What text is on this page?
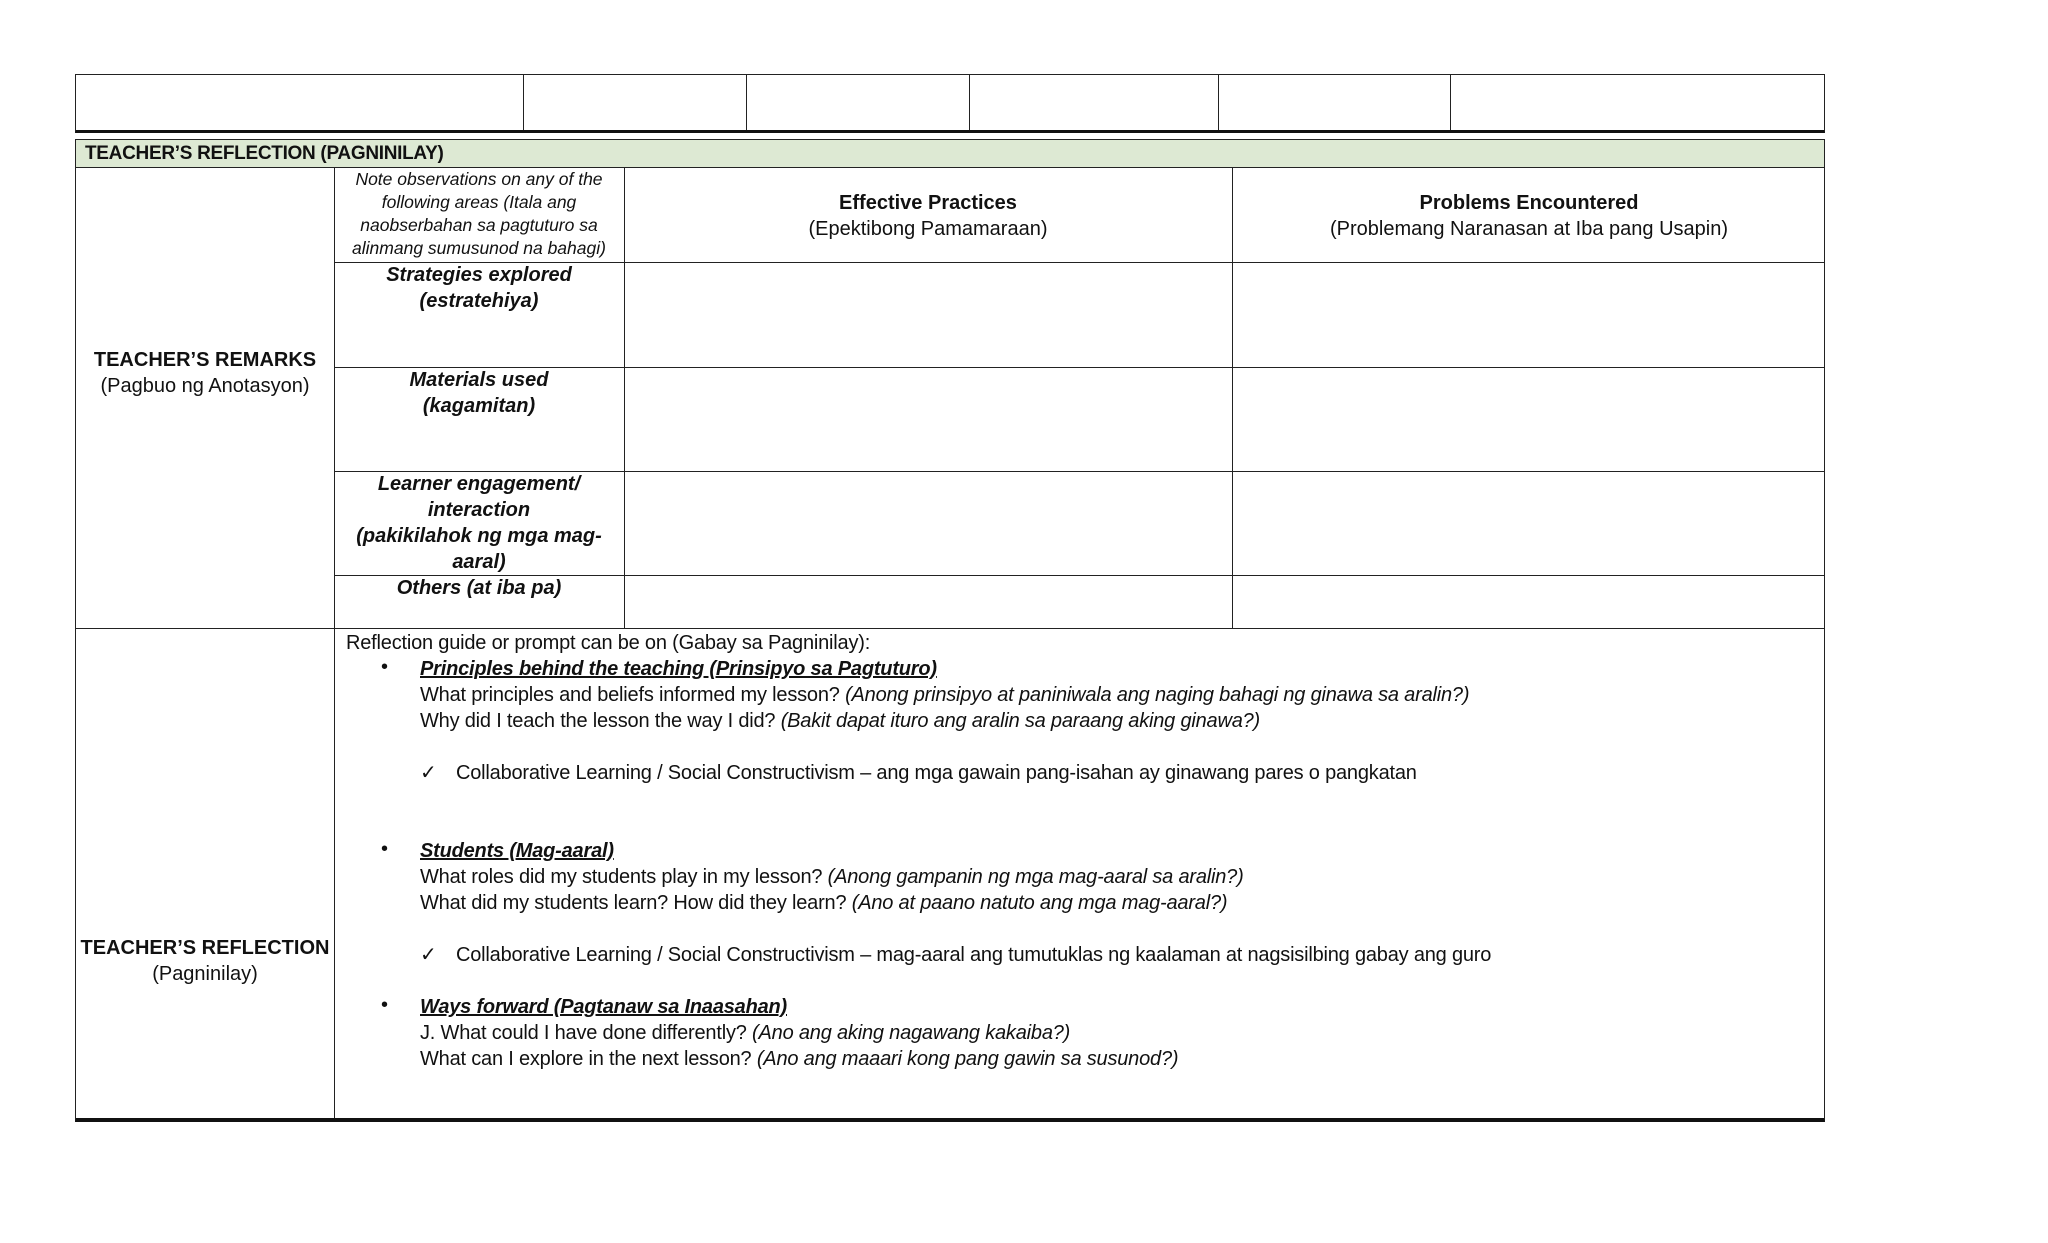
TEACHER’S REFLECTION (PAGNINILAY)
TEACHER’S REMARKS
(Pagbuo ng Anotasyon)
Note observations on any of the
following areas (Itala ang
naobserbahan sa pagtuturo sa
alinmang sumusunod na bahagi)
Effective Practices
(Epektibong Pamamaraan)
Problems Encountered
(Problemang Naranasan at Iba pang Usapin)
Strategies explored
(estratehiya)
Materials used
(kagamitan)
Learner engagement/
interaction
(pakikilahok ng mga mag-
aaral)
Others (at iba pa)
TEACHER’S REFLECTION
(Pagninilay)
Reflection guide or prompt can be on (Gabay sa Pagninilay):
• Principles behind the teaching (Prinsipyo sa Pagtuturo)
What principles and beliefs informed my lesson? (Anong prinsipyo at paniniwala ang naging bahagi ng ginawa sa aralin?)
Why did I teach the lesson the way I did? (Bakit dapat ituro ang aralin sa paraang aking ginawa?)
✓ Collaborative Learning / Social Constructivism – ang mga gawain pang-isahan ay ginawang pares o pangkatan
• Students (Mag-aaral)
What roles did my students play in my lesson? (Anong gampanin ng mga mag-aaral sa aralin?)
What did my students learn? How did they learn? (Ano at paano natuto ang mga mag-aaral?)
✓ Collaborative Learning / Social Constructivism – mag-aaral ang tumutuklas ng kaalaman at nagsisilbing gabay ang guro
• Ways forward (Pagtanaw sa Inaasahan)
J. What could I have done differently? (Ano ang aking nagawang kakaiba?)
What can I explore in the next lesson? (Ano ang maaari kong pang gawin sa susunod?)
